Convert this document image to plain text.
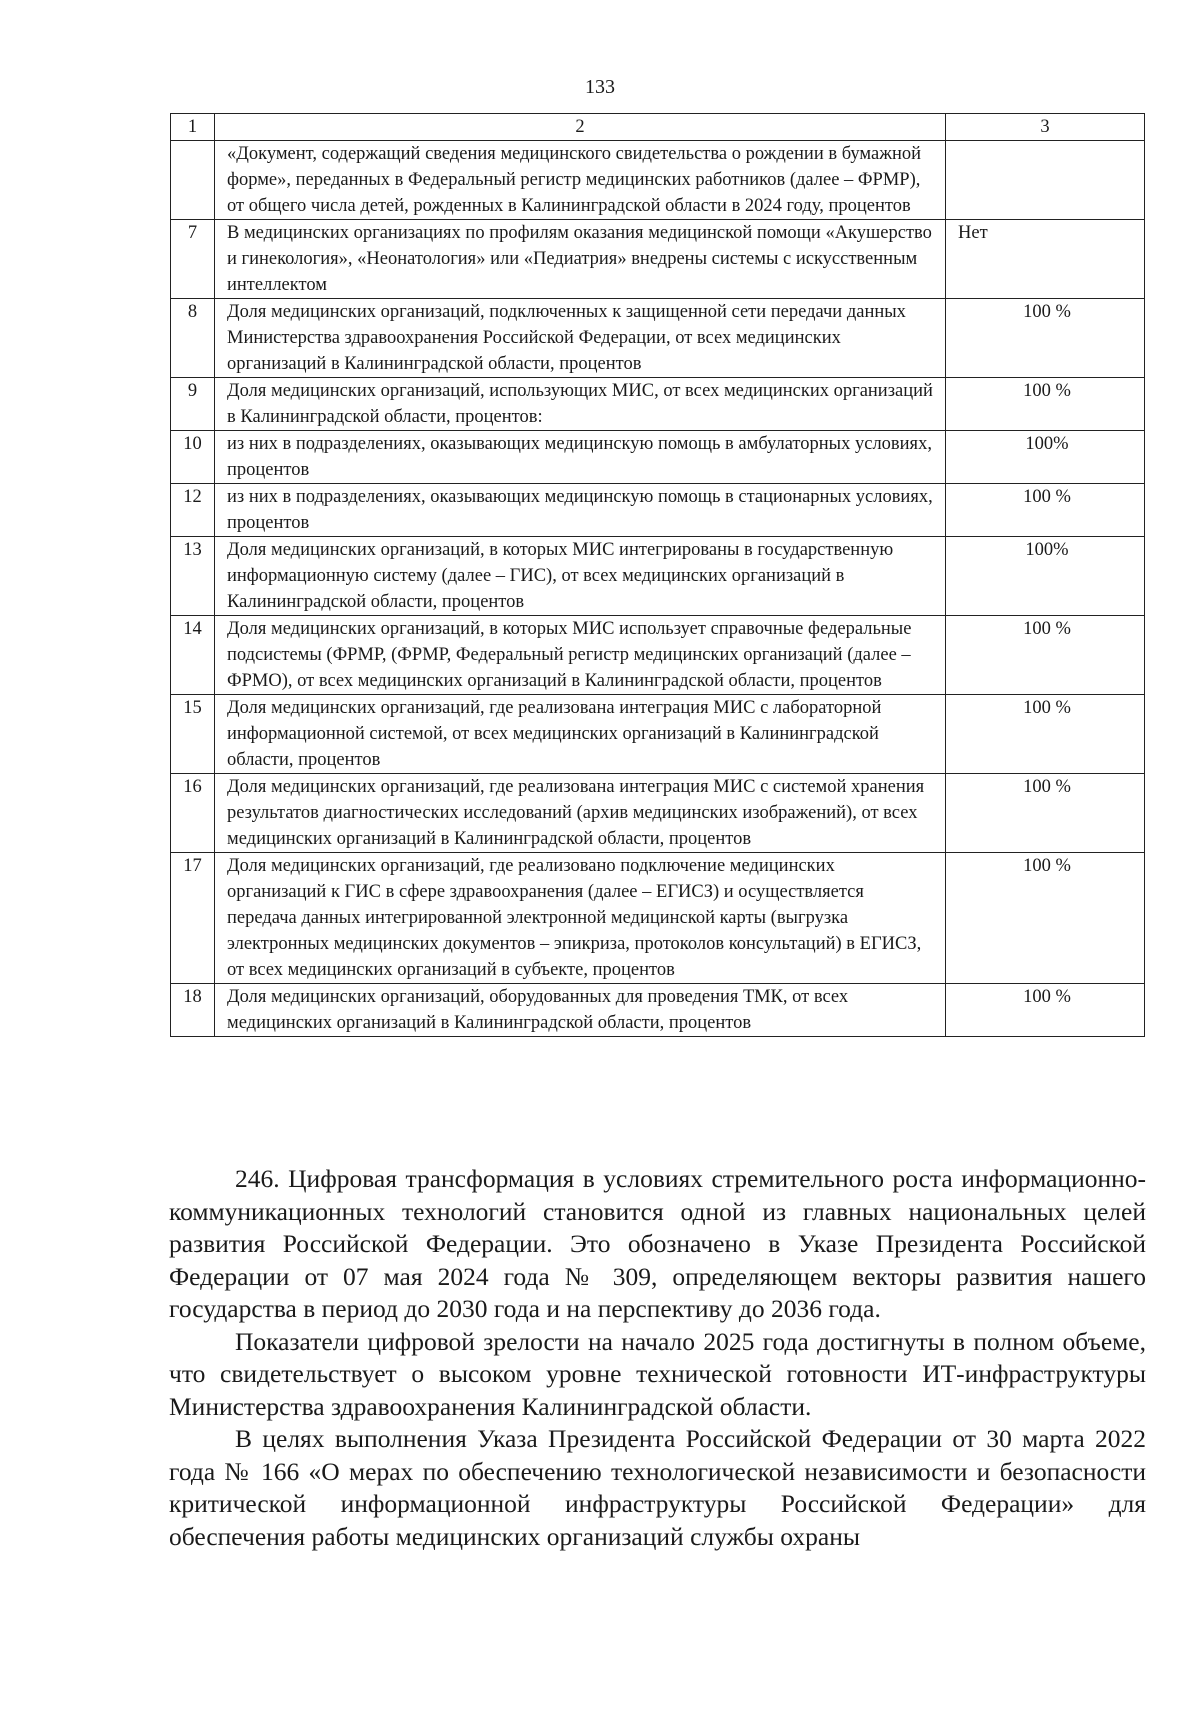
133
1	2	3
	«Документ, содержащий сведения медицинского свидетельства о рождении в бумажной форме», переданных в Федеральный регистр медицинских работников (далее – ФРМР), от общего числа детей, рожденных в Калининградской области в 2024 году, процентов	
7	В медицинских организациях по профилям оказания медицинской помощи «Акушерство и гинекология», «Неонатология» или «Педиатрия» внедрены системы с искусственным интеллектом	Нет
8	Доля медицинских организаций, подключенных к защищенной сети передачи данных Министерства здравоохранения Российской Федерации, от всех медицинских организаций в Калининградской области, процентов	100 %
9	Доля медицинских организаций, использующих МИС, от всех медицинских организаций в Калининградской области, процентов:	100 %
10	из них в подразделениях, оказывающих медицинскую помощь в амбулаторных условиях, процентов	100%
12	из них в подразделениях, оказывающих медицинскую помощь в стационарных условиях, процентов	100 %
13	Доля медицинских организаций, в которых МИС интегрированы в государственную информационную систему (далее – ГИС), от всех медицинских организаций в Калининградской области, процентов	100%
14	Доля медицинских организаций, в которых МИС использует справочные федеральные подсистемы (ФРМР, (ФРМР, Федеральный регистр медицинских организаций (далее – ФРМО), от всех медицинских организаций в Калининградской области, процентов	100 %
15	Доля медицинских организаций, где реализована интеграция МИС с лабораторной информационной системой, от всех медицинских организаций в Калининградской области, процентов	100 %
16	Доля медицинских организаций, где реализована интеграция МИС с системой хранения результатов диагностических исследований (архив медицинских изображений), от всех медицинских организаций в Калининградской области, процентов	100 %
17	Доля медицинских организаций, где реализовано подключение медицинских организаций к ГИС в сфере здравоохранения (далее – ЕГИСЗ) и осуществляется передача данных интегрированной электронной медицинской карты (выгрузка электронных медицинских документов – эпикриза, протоколов консультаций) в ЕГИСЗ, от всех медицинских организаций в субъекте, процентов	100 %
18	Доля медицинских организаций, оборудованных для проведения ТМК, от всех медицинских организаций в Калининградской области, процентов	100 %

246. Цифровая трансформация в условиях стремительного роста информационно-коммуникационных технологий становится одной из главных национальных целей развития Российской Федерации. Это обозначено в Указе Президента Российской Федерации от 07 мая 2024 года № 309, определяющем векторы развития нашего государства в период до 2030 года и на перспективу до 2036 года.

Показатели цифровой зрелости на начало 2025 года достигнуты в полном объеме, что свидетельствует о высоком уровне технической готовности ИТ-инфраструктуры Министерства здравоохранения Калининградской области.

В целях выполнения Указа Президента Российской Федерации от 30 марта 2022 года № 166 «О мерах по обеспечению технологической независимости и безопасности критической информационной инфраструктуры Российской Федерации» для обеспечения работы медицинских организаций службы охраны
